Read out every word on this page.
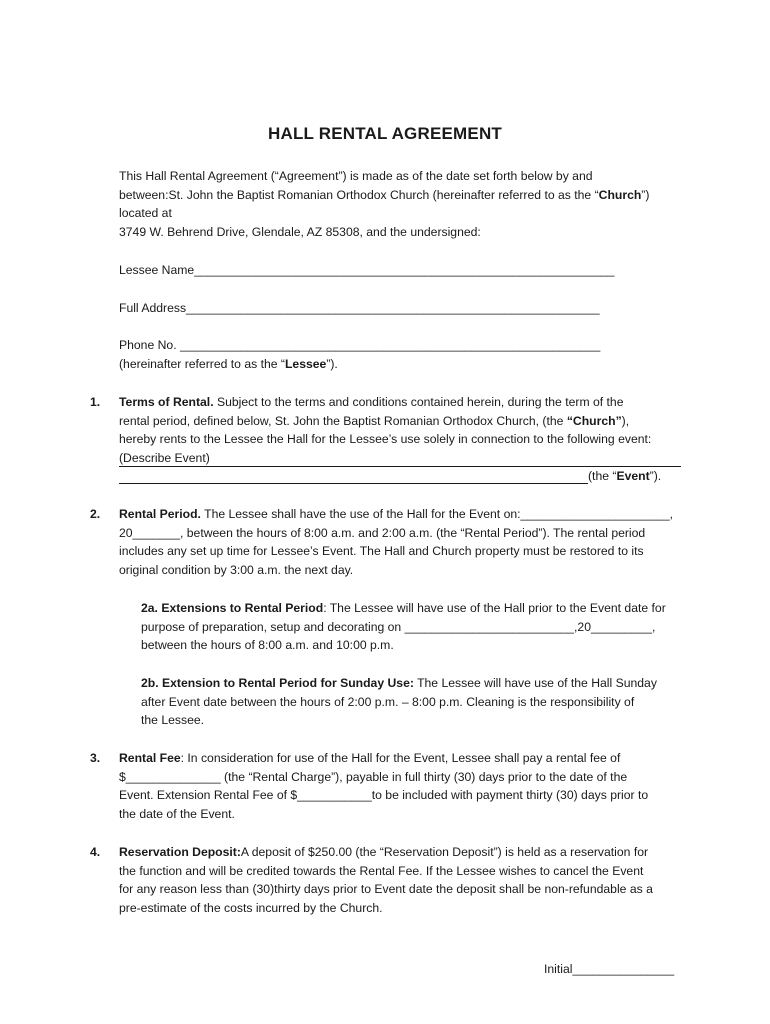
HALL RENTAL AGREEMENT
This Hall Rental Agreement (“Agreement”) is made as of the date set forth below by and
between:St. John the Baptist Romanian Orthodox Church (hereinafter referred to as the “Church”)
located at
3749 W. Behrend Drive, Glendale, AZ 85308, and the undersigned:
Lessee Name______________________________________________________________
Full Address_____________________________________________________________
Phone No. ______________________________________________________________
(hereinafter referred to as the “Lessee”).
1. Terms of Rental. Subject to the terms and conditions contained herein, during the term of the
rental period, defined below, St. John the Baptist Romanian Orthodox Church, (the “Church”),
hereby rents to the Lessee the Hall for the Lessee’s use solely in connection to the following event:
(Describe Event)
(the “ Event ”).
2. Rental Period. The Lessee shall have the use of the Hall for the Event on:______________________,
20_______, between the hours of 8:00 a.m. and 2:00 a.m. (the “Rental Period”). The rental period
includes any set up time for Lessee’s Event. The Hall and Church property must be restored to its
original condition by 3:00 a.m. the next day.
2a. Extensions to Rental Period: The Lessee will have use of the Hall prior to the Event date for
purpose of preparation, setup and decorating on _________________________,20_________,
between the hours of 8:00 a.m. and 10:00 p.m.
2b. Extension to Rental Period for Sunday Use: The Lessee will have use of the Hall Sunday
after Event date between the hours of 2:00 p.m. – 8:00 p.m. Cleaning is the responsibility of
the Lessee.
3. Rental Fee: In consideration for use of the Hall for the Event, Lessee shall pay a rental fee of
$______________ (the “Rental Charge”), payable in full thirty (30) days prior to the date of the
Event. Extension Rental Fee of $___________to be included with payment thirty (30) days prior to
the date of the Event.
4. Reservation Deposit:A deposit of $250.00 (the “Reservation Deposit”) is held as a reservation for
the function and will be credited towards the Rental Fee. If the Lessee wishes to cancel the Event
for any reason less than (30)thirty days prior to Event date the deposit shall be non-refundable as a
pre-estimate of the costs incurred by the Church.
Initial_______________
